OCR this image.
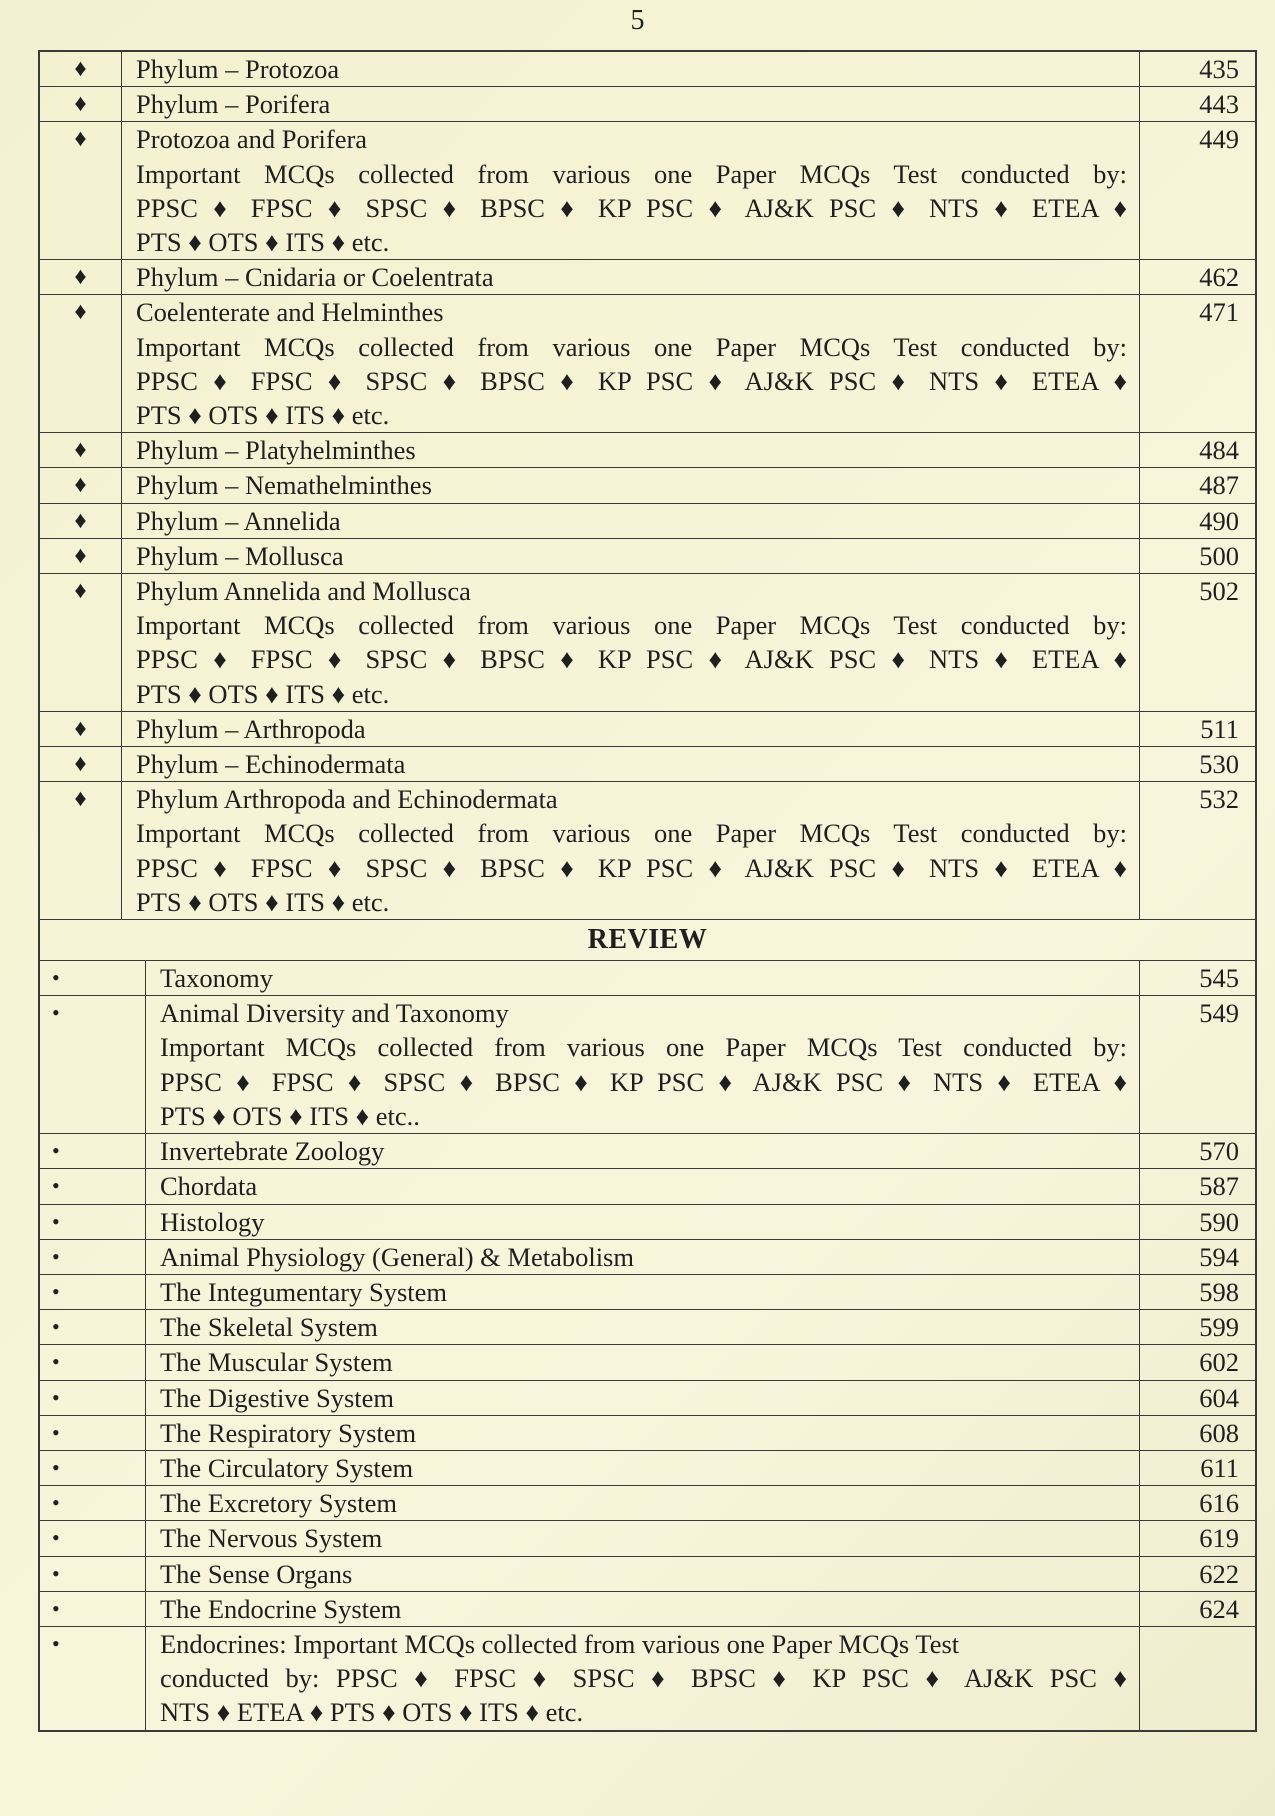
5
♦	Phylum – Protozoa	435
♦	Phylum – Porifera	443
♦	Protozoa and Porifera
Important MCQs collected from various one Paper MCQs Test conducted by:
PPSC ♦ FPSC ♦ SPSC ♦ BPSC ♦ KP PSC ♦ AJ&K PSC ♦ NTS ♦ ETEA ♦
PTS ♦ OTS ♦ ITS ♦ etc.
449
♦	Phylum – Cnidaria or Coelentrata	462
♦	Coelenterate and Helminthes
Important MCQs collected from various one Paper MCQs Test conducted by:
PPSC ♦ FPSC ♦ SPSC ♦ BPSC ♦ KP PSC ♦ AJ&K PSC ♦ NTS ♦ ETEA ♦
PTS ♦ OTS ♦ ITS ♦ etc.
471
♦	Phylum – Platyhelminthes	484
♦	Phylum – Nemathelminthes	487
♦	Phylum – Annelida	490
♦	Phylum – Mollusca	500
♦	Phylum Annelida and Mollusca
Important MCQs collected from various one Paper MCQs Test conducted by:
PPSC ♦ FPSC ♦ SPSC ♦ BPSC ♦ KP PSC ♦ AJ&K PSC ♦ NTS ♦ ETEA ♦
PTS ♦ OTS ♦ ITS ♦ etc.
502
♦	Phylum – Arthropoda	511
♦	Phylum – Echinodermata	530
♦	Phylum Arthropoda and Echinodermata
Important MCQs collected from various one Paper MCQs Test conducted by:
PPSC ♦ FPSC ♦ SPSC ♦ BPSC ♦ KP PSC ♦ AJ&K PSC ♦ NTS ♦ ETEA ♦
PTS ♦ OTS ♦ ITS ♦ etc.
532
REVIEW
•	Taxonomy	545
•	Animal Diversity and Taxonomy
Important MCQs collected from various one Paper MCQs Test conducted by:
PPSC ♦ FPSC ♦ SPSC ♦ BPSC ♦ KP PSC ♦ AJ&K PSC ♦ NTS ♦ ETEA ♦
PTS ♦ OTS ♦ ITS ♦ etc..
549
•	Invertebrate Zoology	570
•	Chordata	587
•	Histology	590
•	Animal Physiology (General) & Metabolism	594
•	The Integumentary System	598
•	The Skeletal System	599
•	The Muscular System	602
•	The Digestive System	604
•	The Respiratory System	608
•	The Circulatory System	611
•	The Excretory System	616
•	The Nervous System	619
•	The Sense Organs	622
•	The Endocrine System	624
•	Endocrines: Important MCQs collected from various one Paper MCQs Test
conducted by: PPSC ♦ FPSC ♦ SPSC ♦ BPSC ♦ KP PSC ♦ AJ&K PSC ♦
NTS ♦ ETEA ♦ PTS ♦ OTS ♦ ITS ♦ etc.
